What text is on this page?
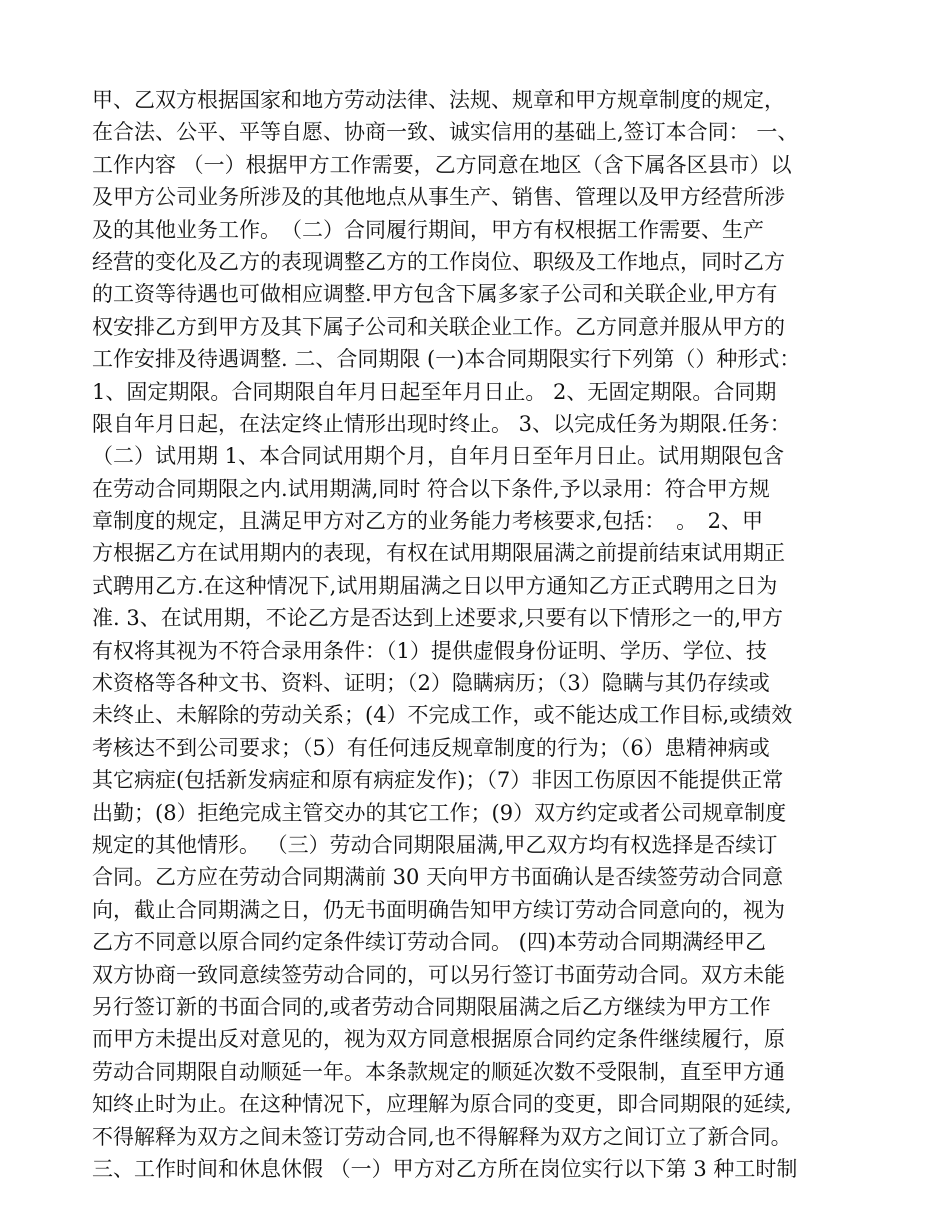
甲、乙双方根据国家和地方劳动法律、法规、规章和甲方规章制度的规定，
在合法、公平、平等自愿、协商一致、诚实信用的基础上,签订本合同： 一、
工作内容 （一）根据甲方工作需要，乙方同意在地区（含下属各区县市）以
及甲方公司业务所涉及的其他地点从事生产、销售、管理以及甲方经营所涉
及的其他业务工作。　（二）合同履行期间，甲方有权根据工作需要、生产
经营的变化及乙方的表现调整乙方的工作岗位、职级及工作地点，同时乙方
的工资等待遇也可做相应调整.甲方包含下属多家子公司和关联企业,甲方有
权安排乙方到甲方及其下属子公司和关联企业工作。乙方同意并服从甲方的
工作安排及待遇调整. 二、合同期限 (一)本合同期限实行下列第（）种形式：
1、固定期限。合同期限自年月日起至年月日止。 2、无固定期限。合同期
限自年月日起，在法定终止情形出现时终止。 3、以完成任务为期限.任务：
（二）试用期 1、本合同试用期个月，自年月日至年月日止。试用期限包含
在劳动合同期限之内.试用期满,同时 符合以下条件,予以录用：符合甲方规
章制度的规定，且满足甲方对乙方的业务能力考核要求,包括：　。　2、甲
方根据乙方在试用期内的表现，有权在试用期限届满之前提前结束试用期正
式聘用乙方.在这种情况下,试用期届满之日以甲方通知乙方正式聘用之日为
准. 3、在试用期，不论乙方是否达到上述要求,只要有以下情形之一的,甲方
有权将其视为不符合录用条件：（1）提供虚假身份证明、学历、学位、技
术资格等各种文书、资料、证明；（2）隐瞒病历；（3）隐瞒与其仍存续或
未终止、未解除的劳动关系；(4）不完成工作，或不能达成工作目标,或绩效
考核达不到公司要求；（5）有任何违反规章制度的行为；（6）患精神病或
其它病症(包括新发病症和原有病症发作)；（7）非因工伤原因不能提供正常
出勤；(8）拒绝完成主管交办的其它工作；(9）双方约定或者公司规章制度
规定的其他情形。 （三）劳动合同期限届满,甲乙双方均有权选择是否续订
合同。乙方应在劳动合同期满前 30 天向甲方书面确认是否续签劳动合同意
向，截止合同期满之日，仍无书面明确告知甲方续订劳动合同意向的，视为
乙方不同意以原合同约定条件续订劳动合同。 (四)本劳动合同期满经甲乙
双方协商一致同意续签劳动合同的，可以另行签订书面劳动合同。双方未能
另行签订新的书面合同的,或者劳动合同期限届满之后乙方继续为甲方工作
而甲方未提出反对意见的，视为双方同意根据原合同约定条件继续履行，原
劳动合同期限自动顺延一年。本条款规定的顺延次数不受限制，直至甲方通
知终止时为止。在这种情况下，应理解为原合同的变更，即合同期限的延续,
不得解释为双方之间未签订劳动合同,也不得解释为双方之间订立了新合同。
三、工作时间和休息休假 （一）甲方对乙方所在岗位实行以下第 3 种工时制
